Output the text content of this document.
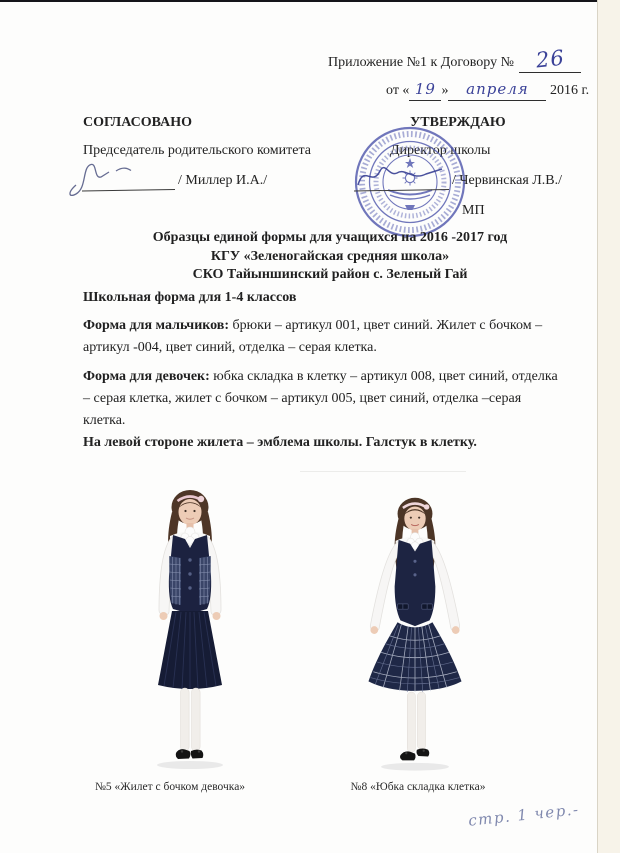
Приложение №1 к Договору № 26
от « 19 » апреля 2016 г.
СОГЛАСОВАНО	УТВЕРЖДАЮ
Председатель родительского комитета	Директор школы
/ Миллер И.А./	/ Червинская Л.В./
МП
Образцы единой формы для учащихся на 2016 -2017 год
КГУ «Зеленогайская средняя школа»
СКО Тайыншинский район с. Зеленый Гай
Школьная форма для 1-4 классов
Форма для мальчиков: брюки – артикул 001, цвет синий. Жилет с бочком –
артикул -004, цвет синий, отделка – серая клетка.
Форма для девочек: юбка складка в клетку – артикул 008, цвет синий, отделка
– серая клетка, жилет с бочком – артикул 005, цвет синий, отделка –серая
клетка.
На левой стороне жилета – эмблема школы. Галстук в клетку.
№5 «Жилет с бочком девочка»	№8 «Юбка складка клетка»
стр. 1 чер.-
